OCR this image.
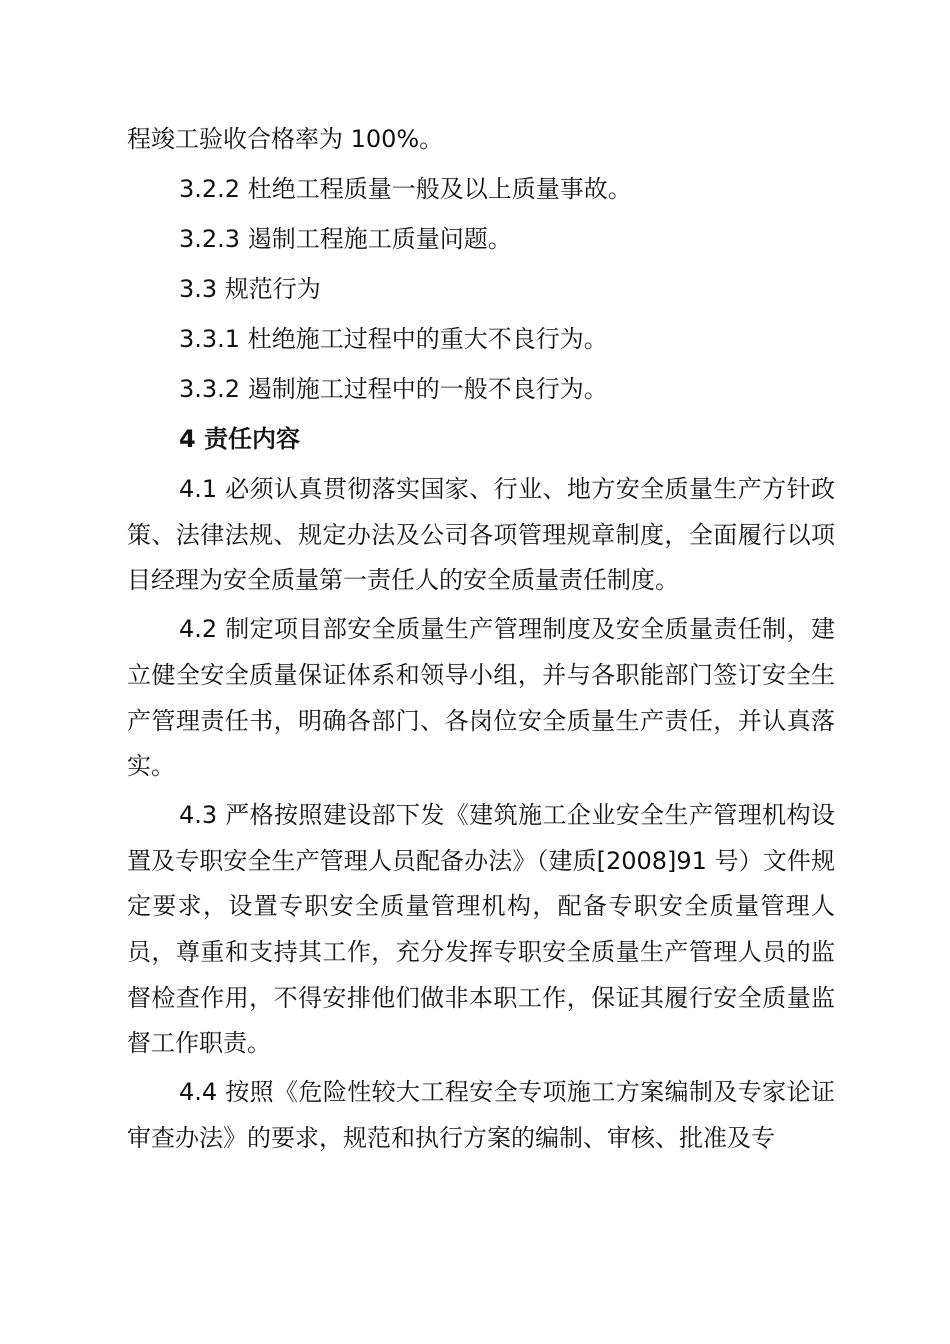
程竣工验收合格率为 100%。
3.2.2 杜绝工程质量一般及以上质量事故。
3.2.3 遏制工程施工质量问题。
3.3 规范行为
3.3.1 杜绝施工过程中的重大不良行为。
3.3.2 遏制施工过程中的一般不良行为。
4 责任内容

4.1 必须认真贯彻落实国家、行业、地方安全质量生产方针政策、法律法规、规定办法及公司各项管理规章制度，全面履行以项目经理为安全质量第一责任人的安全质量责任制度。

4.2 制定项目部安全质量生产管理制度及安全质量责任制，建立健全安全质量保证体系和领导小组，并与各职能部门签订安全生产管理责任书，明确各部门、各岗位安全质量生产责任，并认真落实。

4.3 严格按照建设部下发《建筑施工企业安全生产管理机构设置及专职安全生产管理人员配备办法》（建质[2008]91 号）文件规定要求，设置专职安全质量管理机构，配备专职安全质量管理人员，尊重和支持其工作，充分发挥专职安全质量生产管理人员的监督检查作用，不得安排他们做非本职工作，保证其履行安全质量监督工作职责。

4.4 按照《危险性较大工程安全专项施工方案编制及专家论证审查办法》的要求，规范和执行方案的编制、审核、批准及专
